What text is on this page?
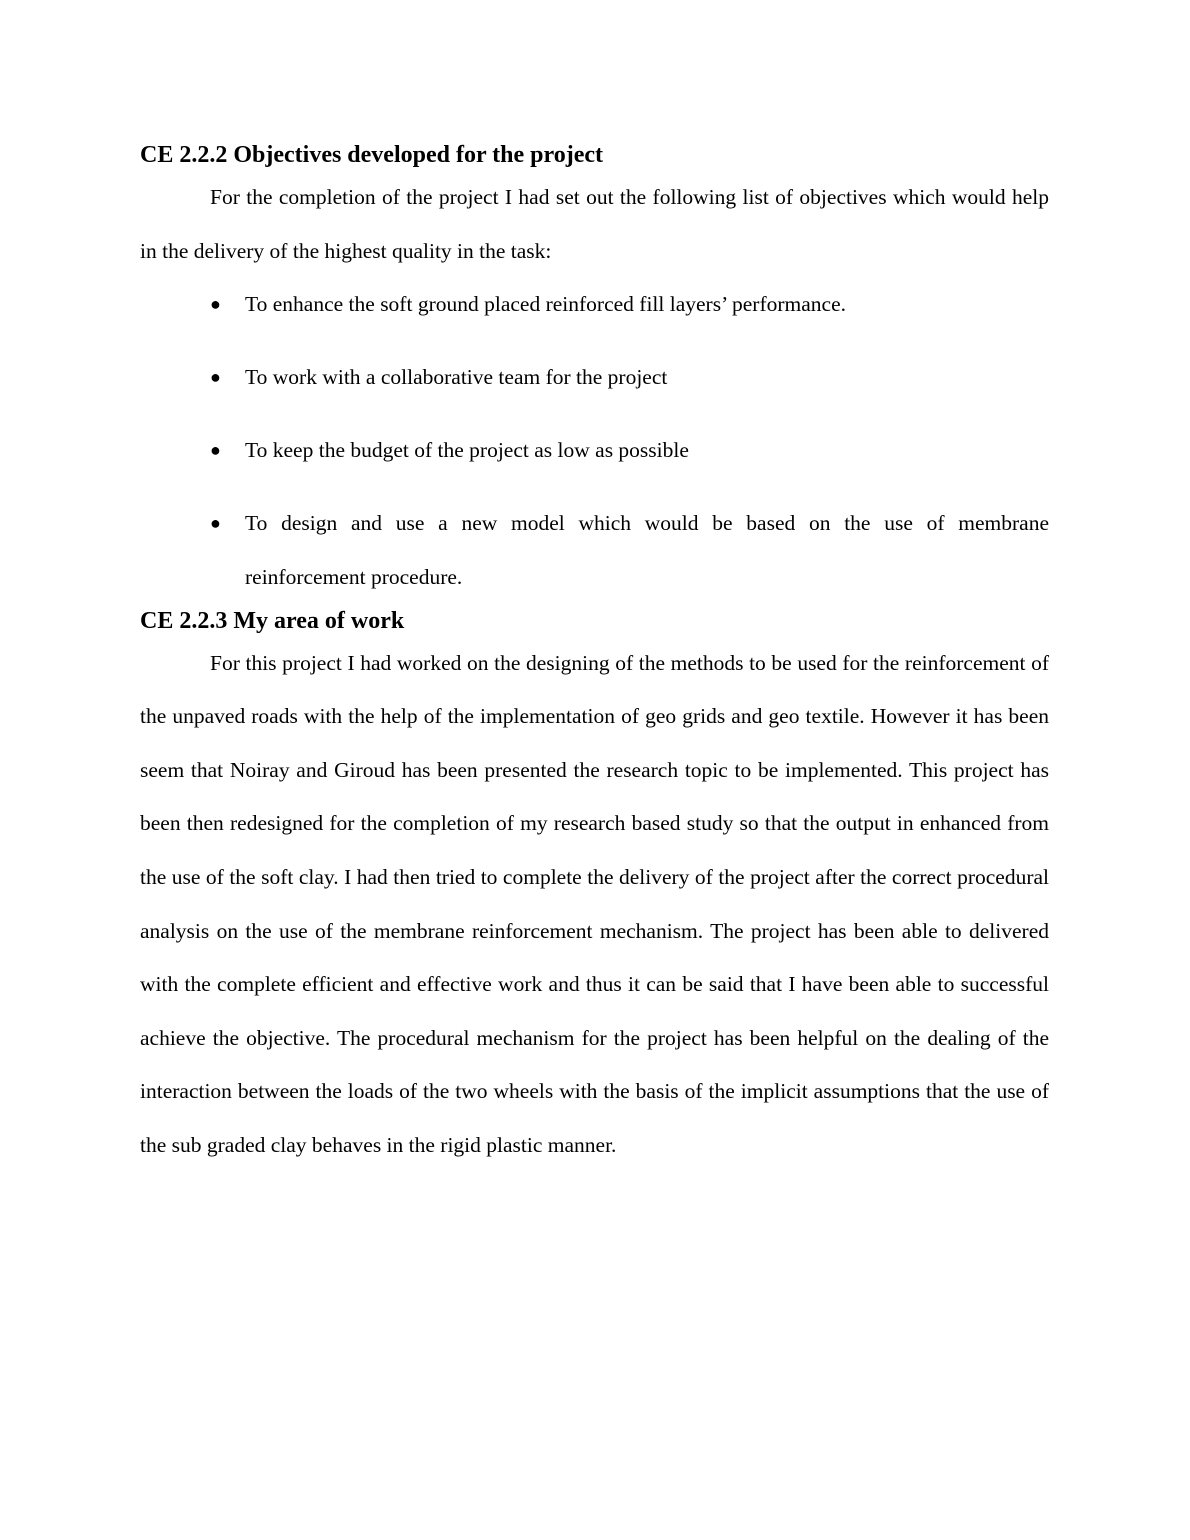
CE 2.2.2 Objectives developed for the project

For the completion of the project I had set out the following list of objectives which would help in the delivery of the highest quality in the task:

● To enhance the soft ground placed reinforced fill layers’ performance.
● To work with a collaborative team for the project
● To keep the budget of the project as low as possible
● To design and use a new model which would be based on the use of membrane reinforcement procedure.
CE 2.2.3 My area of work

For this project I had worked on the designing of the methods to be used for the reinforcement of the unpaved roads with the help of the implementation of geo grids and geo textile. However it has been seem that Noiray and Giroud has been presented the research topic to be implemented. This project has been then redesigned for the completion of my research based study so that the output in enhanced from the use of the soft clay. I had then tried to complete the delivery of the project after the correct procedural analysis on the use of the membrane reinforcement mechanism. The project has been able to delivered with the complete efficient and effective work and thus it can be said that I have been able to successful achieve the objective. The procedural mechanism for the project has been helpful on the dealing of the interaction between the loads of the two wheels with the basis of the implicit assumptions that the use of the sub graded clay behaves in the rigid plastic manner.
